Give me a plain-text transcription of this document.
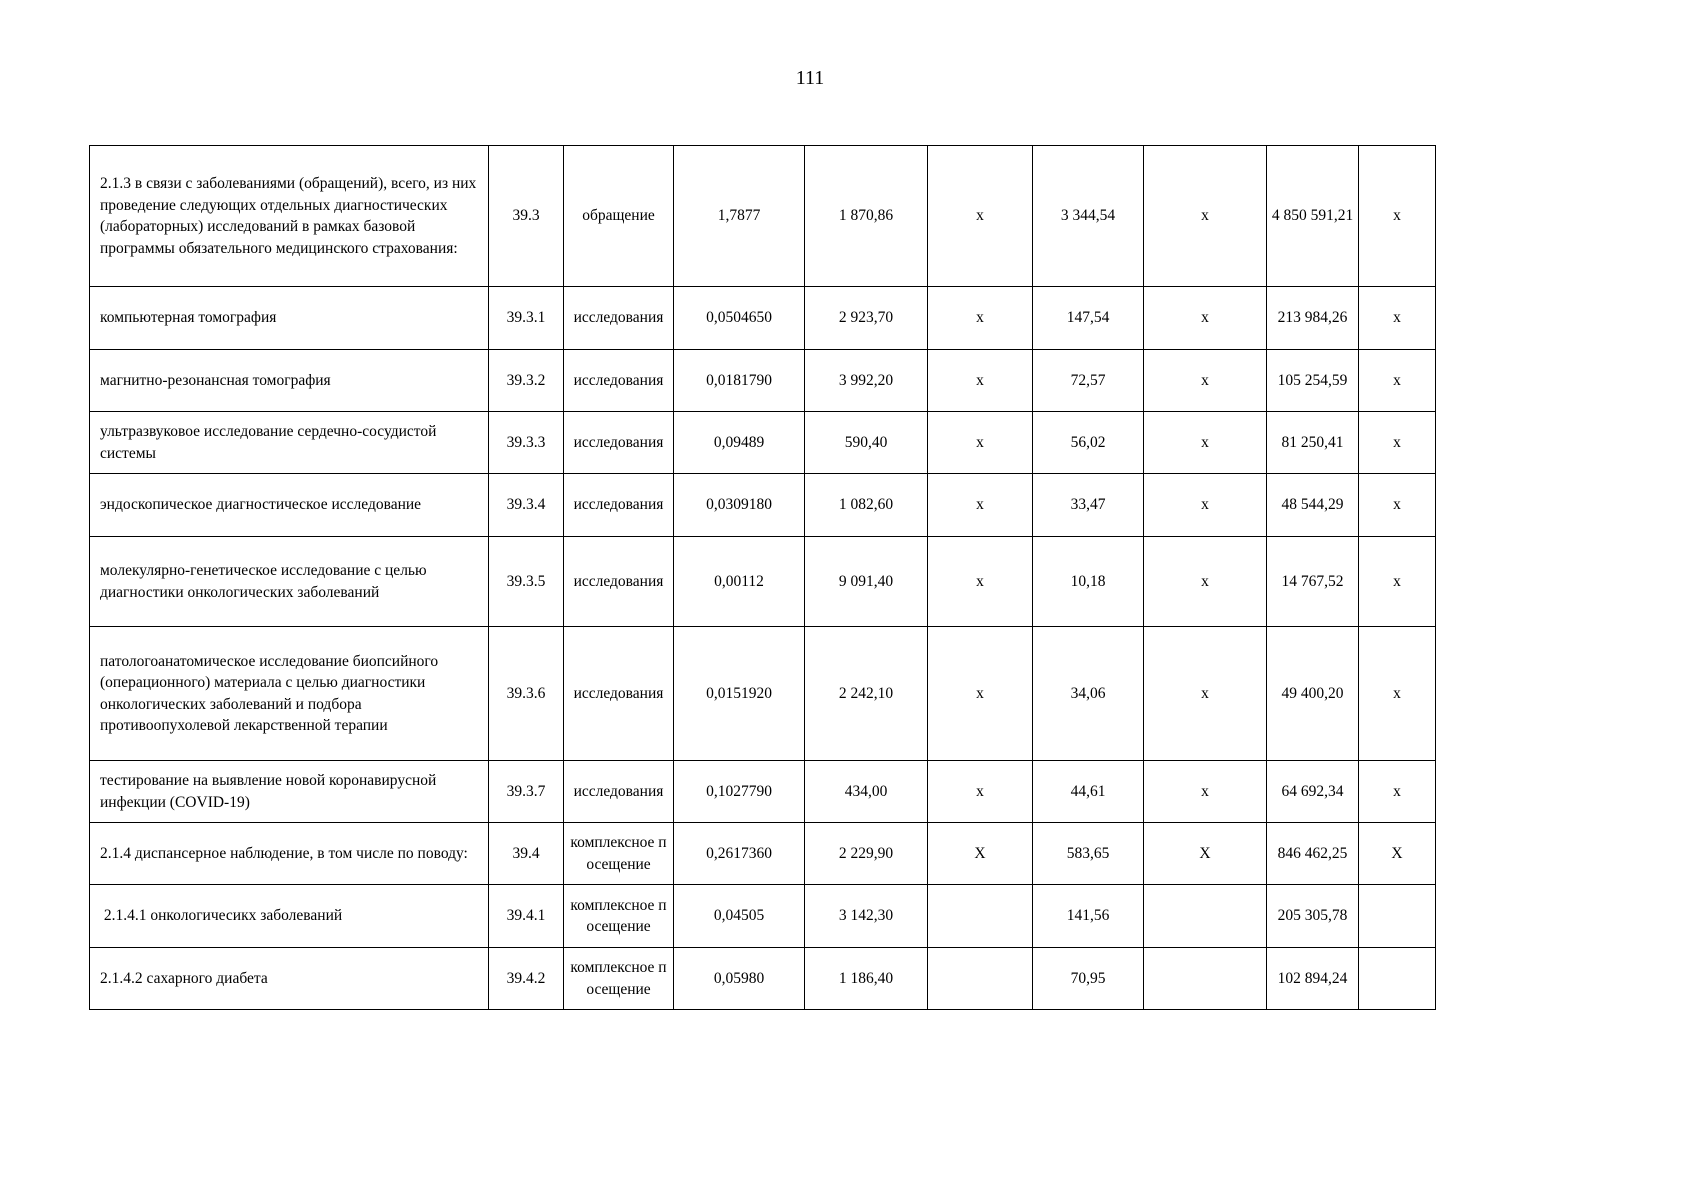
111
2.1.3 в связи с заболеваниями (обращений), всего, из них проведение следующих отдельных диагностических (лабораторных) исследований в рамках базовой программы обязательного медицинского страхования:	39.3	обращение	1,7877	1 870,86	x	3 344,54	x	4 850 591,21	x
компьютерная томография	39.3.1	исследования	0,0504650	2 923,70	x	147,54	x	213 984,26	x
магнитно-резонансная томография	39.3.2	исследования	0,0181790	3 992,20	x	72,57	x	105 254,59	x
ультразвуковое исследование сердечно-сосудистой системы	39.3.3	исследования	0,09489	590,40	x	56,02	x	81 250,41	x
эндоскопическое диагностическое исследование	39.3.4	исследования	0,0309180	1 082,60	x	33,47	x	48 544,29	x
молекулярно-генетическое исследование с целью диагностики онкологических заболеваний	39.3.5	исследования	0,00112	9 091,40	x	10,18	x	14 767,52	x
патологоанатомическое исследование биопсийного (операционного) материала с целью диагностики онкологических заболеваний и подбора противоопухолевой лекарственной терапии	39.3.6	исследования	0,0151920	2 242,10	x	34,06	x	49 400,20	x
тестирование на выявление новой коронавирусной инфекции (COVID-19)	39.3.7	исследования	0,1027790	434,00	x	44,61	x	64 692,34	x
2.1.4 диспансерное наблюдение, в том числе по поводу:	39.4	комплексное посещение	0,2617360	2 229,90	X	583,65	X	846 462,25	X
2.1.4.1 онкологичесикх заболеваний	39.4.1	комплексное посещение	0,04505	3 142,30		141,56		205 305,78	
2.1.4.2 сахарного диабета	39.4.2	комплексное посещение	0,05980	1 186,40		70,95		102 894,24	
